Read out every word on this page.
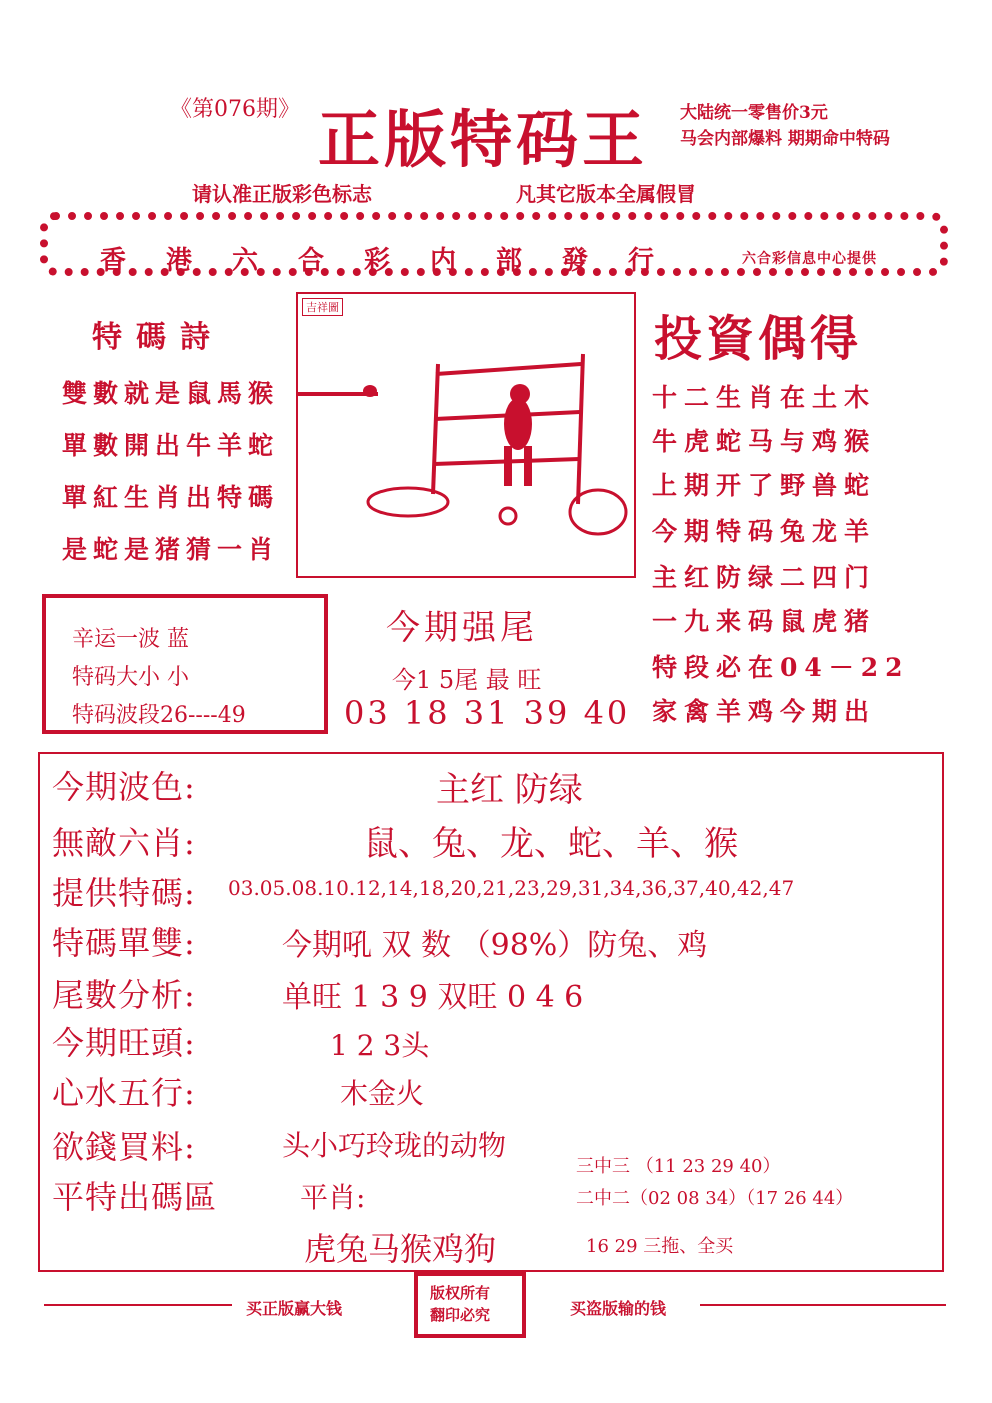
《第076期》 正版特码王 大陆统一零售价3元
马会内部爆料 期期命中特码
请认准正版彩色标志	凡其它版本全属假冒
香港六合彩内部發行	六合彩信息中心提供
特碼詩
雙數就是鼠馬猴
單數開出牛羊蛇
單紅生肖出特碼
是蛇是猪猜一肖
吉祥圖
投資偶得
十二生肖在土木
牛虎蛇马与鸡猴
上期开了野兽蛇
今期特码兔龙羊
主红防绿二四门
一九来码鼠虎猪
特段必在04－22
家禽羊鸡今期出
辛运一波 蓝
特码大小 小
特码波段26----49
今期强尾
今1 5尾 最 旺
03 18 31 39 40
今期波色:	主红 防绿
無敵六肖:	鼠、兔、龙、蛇、羊、猴
提供特碼: 03.05.08.10.12,14,18,20,21,23,29,31,34,36,37,40,42,47
特碼單雙:	今期吼 双 数 （98%）防兔、鸡
尾數分析:	单旺 1 3 9 双旺 0 4 6
今期旺頭:	1 2 3头
心水五行:	木金火
欲錢買料:	头小巧玲珑的动物
平特出碼區	平肖:
虎兔马猴鸡狗
三中三 （11 23 29 40）
二中二（02 08 34）（17 26 44）
16 29 三拖、全买
买正版赢大钱
版权所有
翻印必究	买盗版输的钱
